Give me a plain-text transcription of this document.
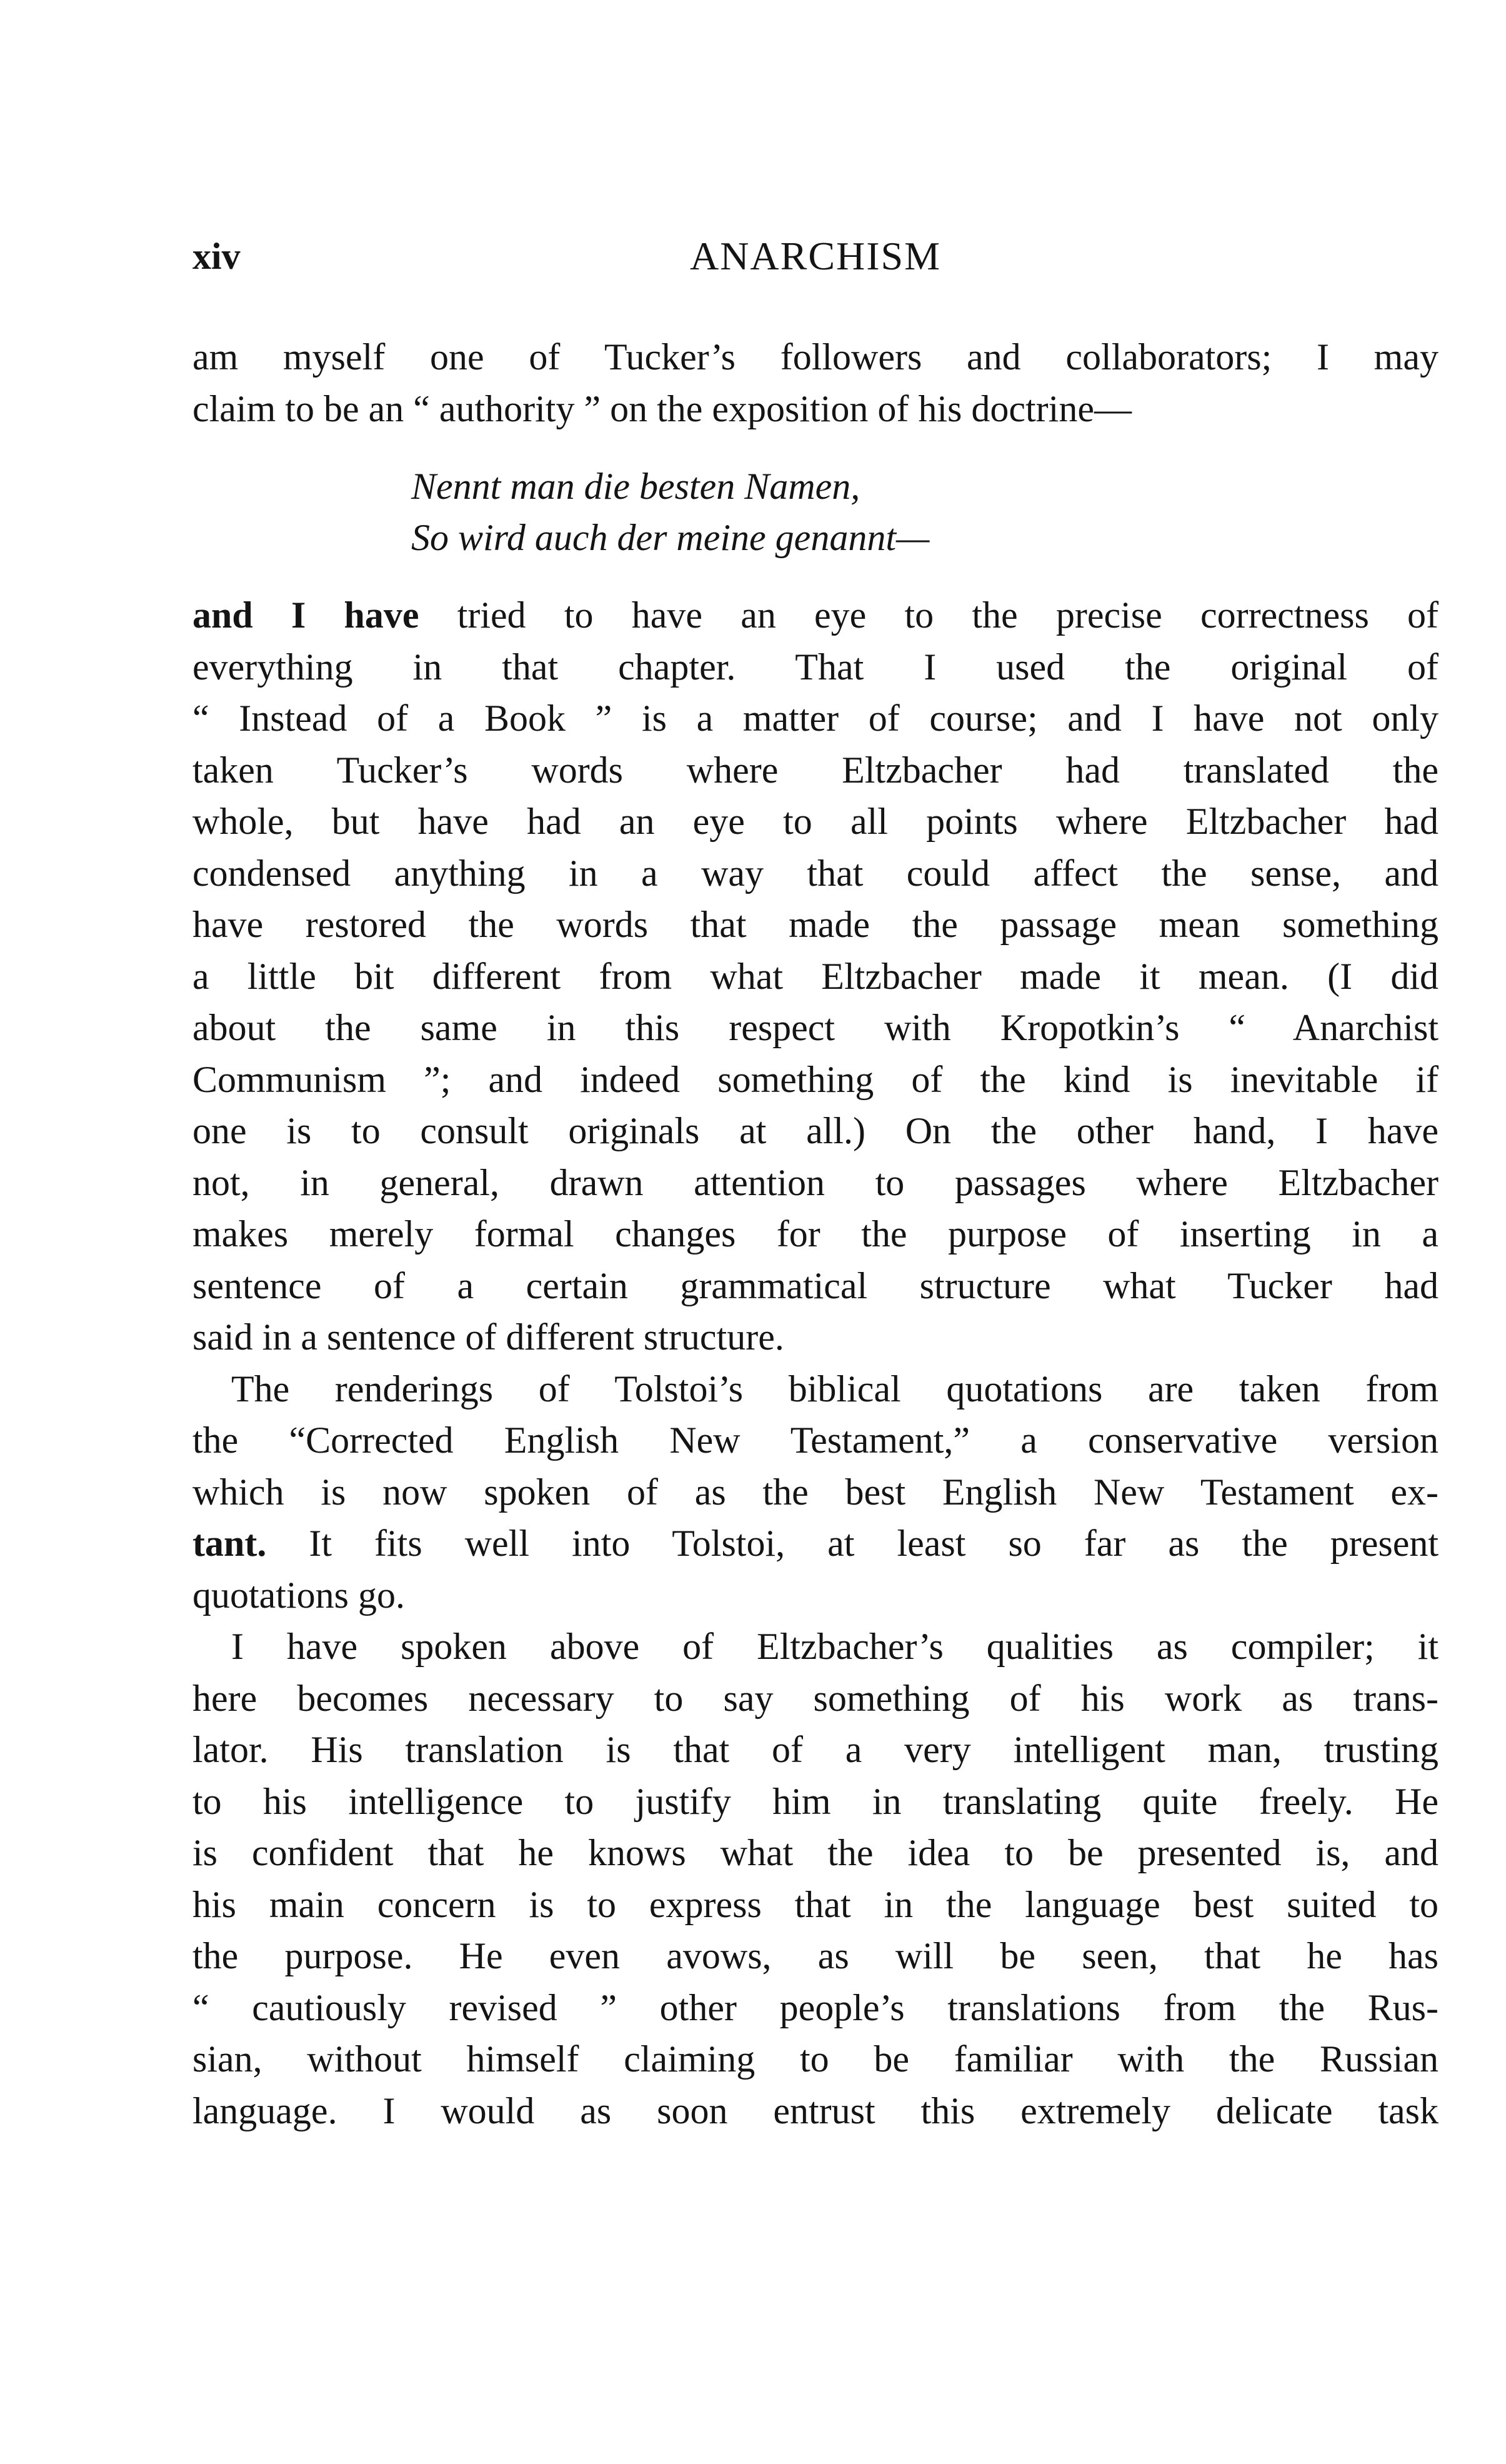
xiv	ANARCHISM
am myself one of Tucker’s followers and collaborators; I may
claim to be an “ authority ” on the exposition of his doctrine—
Nennt man die besten Namen,
So wird auch der meine genannt—
and I have tried to have an eye to the precise correctness of
everything in that chapter. That I used the original of
“ Instead of a Book ” is a matter of course; and I have not only
taken Tucker’s words where Eltzbacher had translated the
whole, but have had an eye to all points where Eltzbacher had
condensed anything in a way that could affect the sense, and
have restored the words that made the passage mean something
a little bit different from what Eltzbacher made it mean. (I did
about the same in this respect with Kropotkin’s “ Anarchist
Communism ”; and indeed something of the kind is inevitable if
one is to consult originals at all.) On the other hand, I have
not, in general, drawn attention to passages where Eltzbacher
makes merely formal changes for the purpose of inserting in a
sentence of a certain grammatical structure what Tucker had
said in a sentence of different structure.
The renderings of Tolstoi’s biblical quotations are taken from
the “Corrected English New Testament,” a conservative version
which is now spoken of as the best English New Testament ex-
tant. It fits well into Tolstoi, at least so far as the present
quotations go.
I have spoken above of Eltzbacher’s qualities as compiler; it
here becomes necessary to say something of his work as trans-
lator. His translation is that of a very intelligent man, trusting
to his intelligence to justify him in translating quite freely. He
is confident that he knows what the idea to be presented is, and
his main concern is to express that in the language best suited to
the purpose. He even avows, as will be seen, that he has
“ cautiously revised ” other people’s translations from the Rus-
sian, without himself claiming to be familiar with the Russian
language. I would as soon entrust this extremely delicate task
